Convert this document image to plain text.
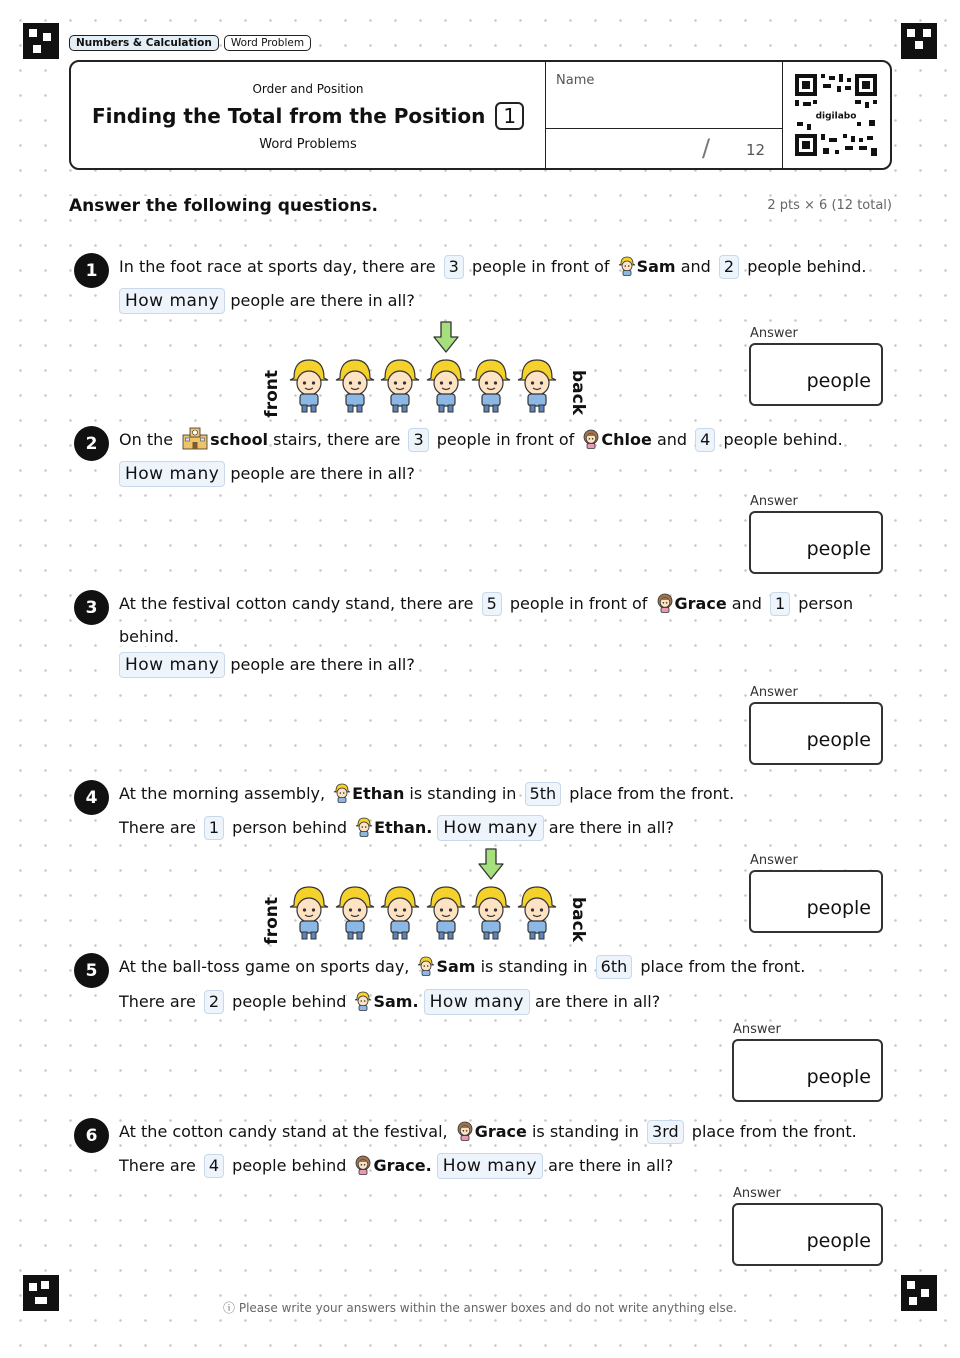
Numbers & Calculation	Word Problem
Order and Position
Finding the Total from the Position 1
Word Problems
Name
/ 12
digilabo
Answer the following questions.	2 pts × 6 (12 total)
1	In the foot race at sports day, there are 3 people in front of Sam and 2 people behind.
How many people are there in all?
front	back
Answer
people
2	On the school stairs, there are 3 people in front of Chloe and 4 people behind.
How many people are there in all?
Answer
people
3	At the festival cotton candy stand, there are 5 people in front of Grace and 1 person
behind.
How many people are there in all?
Answer
people
4	At the morning assembly, Ethan is standing in 5th place from the front.
There are 1 person behind Ethan. How many are there in all?
front	back
Answer
people
5	At the ball-toss game on sports day, Sam is standing in 6th place from the front.
There are 2 people behind Sam. How many are there in all?
Answer
people
6	At the cotton candy stand at the festival, Grace is standing in 3rd place from the front.
There are 4 people behind Grace. How many are there in all?
Answer
people
ⓘ Please write your answers within the answer boxes and do not write anything else.
